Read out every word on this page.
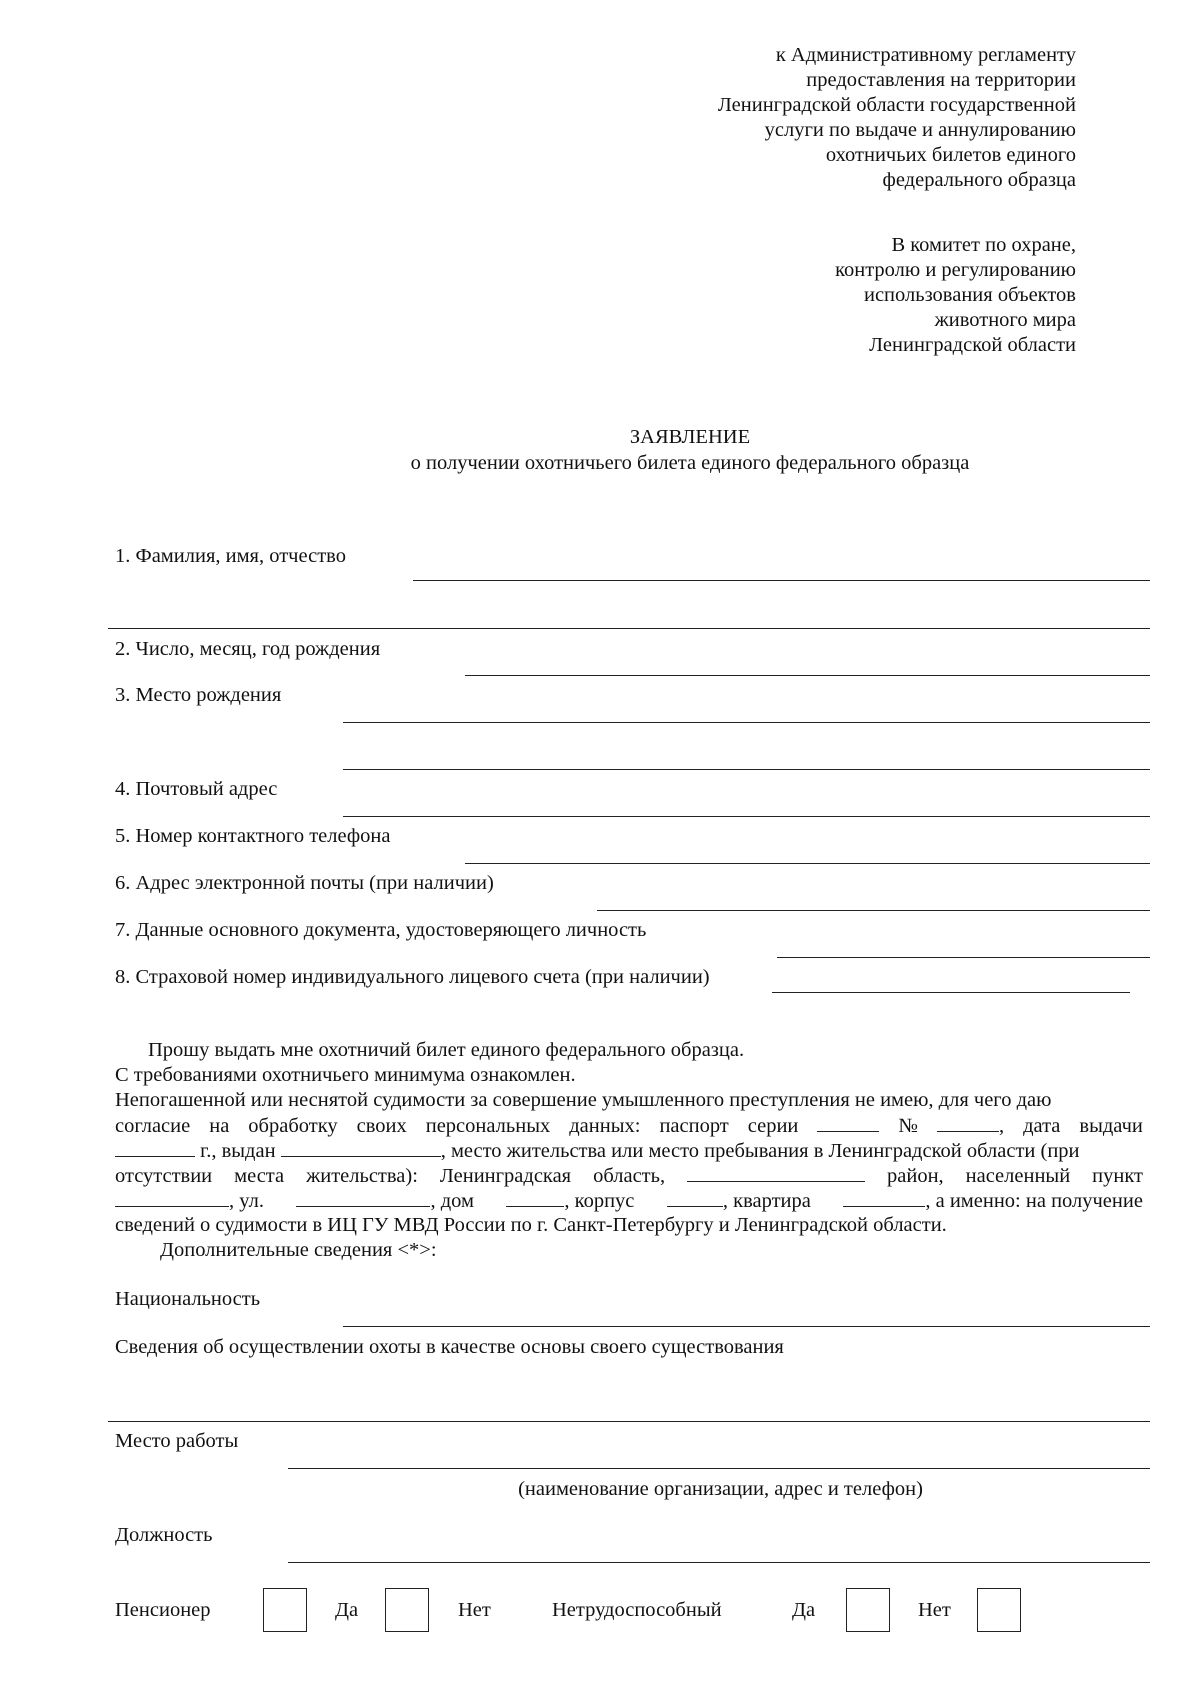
к Административному регламенту
предоставления на территории
Ленинградской области государственной
услуги по выдаче и аннулированию
охотничьих билетов единого
федерального образца
В комитет по охране,
контролю и регулированию
использования объектов
животного мира
Ленинградской области
ЗАЯВЛЕНИЕ
о получении охотничьего билета единого федерального образца
1. Фамилия, имя, отчество
2. Число, месяц, год рождения
3. Место рождения
4. Почтовый адрес
5. Номер контактного телефона
6. Адрес электронной почты (при наличии)
7. Данные основного документа, удостоверяющего личность
8. Страховой номер индивидуального лицевого счета (при наличии)
Прошу выдать мне охотничий билет единого федерального образца.
С требованиями охотничьего минимума ознакомлен.
Непогашенной или неснятой судимости за совершение умышленного преступления не имею, для чего даю
согласие на обработку своих персональных данных: паспорт серии	№	, дата выдачи
г., выдан	, место жительства или место пребывания в Ленинградской области (при
отсутствии места жительства): Ленинградская область,	район, населенный пункт
, ул.	, дом	, корпус	, квартира	, а именно: на получение
сведений о судимости в ИЦ ГУ МВД России по г. Санкт-Петербургу и Ленинградской области.
Дополнительные сведения <*>:
Национальность
Сведения об осуществлении охоты в качестве основы своего существования
Место работы
(наименование организации, адрес и телефон)
Должность
Пенсионер	Да	Нет	Нетрудоспособный	Да	Нет
